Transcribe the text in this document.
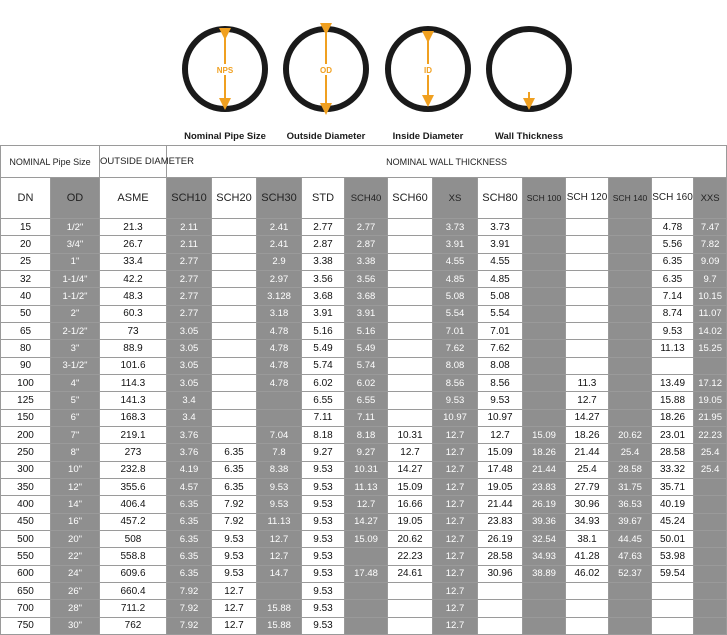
NPS
Nominal Pipe Size
OD
Outside Diameter
ID
Inside Diameter	Wall Thickness
NOMINAL Pipe Size		OUTSIDE DIAMETER	NOMINAL WALL THICKNESS												
DN	OD	ASME	SCH10	SCH20	SCH30	STD	SCH40	SCH60	XS	SCH80	SCH 100	SCH 120	SCH 140	SCH 160	XXS
15	1/2"	21.3	2.11		2.41	2.77	2.77		3.73	3.73				4.78	7.47
20	3/4"	26.7	2.11		2.41	2.87	2.87		3.91	3.91				5.56	7.82
25	1"	33.4	2.77		2.9	3.38	3.38		4.55	4.55				6.35	9.09
32	1-1/4"	42.2	2.77		2.97	3.56	3.56		4.85	4.85				6.35	9.7
40	1-1/2"	48.3	2.77		3.128	3.68	3.68		5.08	5.08				7.14	10.15
50	2"	60.3	2.77		3.18	3.91	3.91		5.54	5.54				8.74	11.07
65	2-1/2"	73	3.05		4.78	5.16	5.16		7.01	7.01				9.53	14.02
80	3"	88.9	3.05		4.78	5.49	5.49		7.62	7.62				11.13	15.25
90	3-1/2"	101.6	3.05		4.78	5.74	5.74		8.08	8.08					
100	4"	114.3	3.05		4.78	6.02	6.02		8.56	8.56		11.3		13.49	17.12
125	5"	141.3	3.4			6.55	6.55		9.53	9.53		12.7		15.88	19.05
150	6"	168.3	3.4			7.11	7.11		10.97	10.97		14.27		18.26	21.95
200	7"	219.1	3.76		7.04	8.18	8.18	10.31	12.7	12.7	15.09	18.26	20.62	23.01	22.23
250	8"	273	3.76	6.35	7.8	9.27	9.27	12.7	12.7	15.09	18.26	21.44	25.4	28.58	25.4
300	10"	232.8	4.19	6.35	8.38	9.53	10.31	14.27	12.7	17.48	21.44	25.4	28.58	33.32	25.4
350	12"	355.6	4.57	6.35	9.53	9.53	11.13	15.09	12.7	19.05	23.83	27.79	31.75	35.71	
400	14"	406.4	6.35	7.92	9.53	9.53	12.7	16.66	12.7	21.44	26.19	30.96	36.53	40.19	
450	16"	457.2	6.35	7.92	11.13	9.53	14.27	19.05	12.7	23.83	39.36	34.93	39.67	45.24	
500	20"	508	6.35	9.53	12.7	9.53	15.09	20.62	12.7	26.19	32.54	38.1	44.45	50.01	
550	22"	558.8	6.35	9.53	12.7	9.53		22.23	12.7	28.58	34.93	41.28	47.63	53.98	
600	24"	609.6	6.35	9.53	14.7	9.53	17.48	24.61	12.7	30.96	38.89	46.02	52.37	59.54	
650	26"	660.4	7.92	12.7		9.53			12.7						
700	28"	711.2	7.92	12.7	15.88	9.53			12.7						
750	30"	762	7.92	12.7	15.88	9.53			12.7						
